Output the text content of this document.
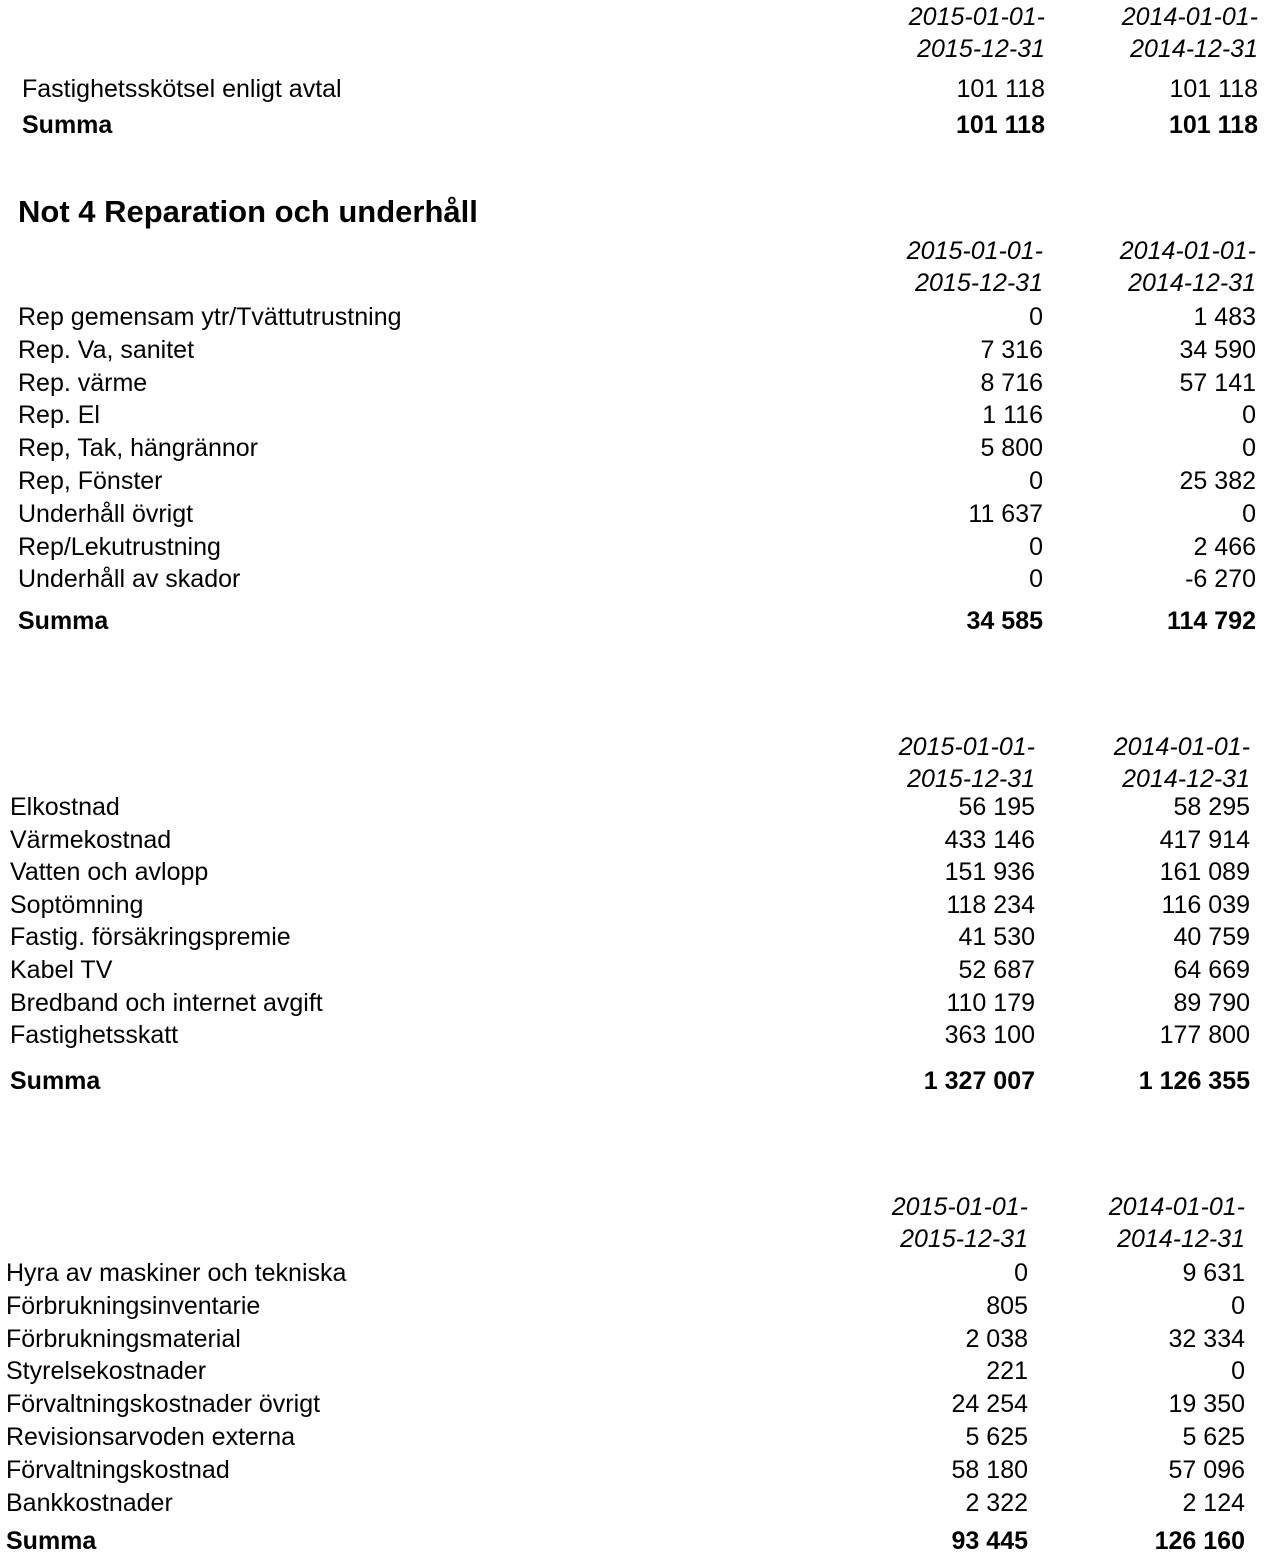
2015-01-01-
2015-12-31
2014-01-01-
2014-12-31
Fastighetsskötsel enligt avtal	101 118	101 118
Summa	101 118	101 118
Not 4 Reparation och underhåll
2015-01-01-
2015-12-31
2014-01-01-
2014-12-31
Rep gemensam ytr/Tvättutrustning	0	1 483
Rep. Va, sanitet	7 316	34 590
Rep. värme	8 716	57 141
Rep. El	1 116	0
Rep, Tak, hängrännor	5 800	0
Rep, Fönster	0	25 382
Underhåll övrigt	11 637	0
Rep/Lekutrustning	0	2 466
Underhåll av skador	0	-6 270
Summa	34 585	114 792
2015-01-01-
2015-12-31
2014-01-01-
2014-12-31
Elkostnad	56 195	58 295
Värmekostnad	433 146	417 914
Vatten och avlopp	151 936	161 089
Soptömning	118 234	116 039
Fastig. försäkringspremie	41 530	40 759
Kabel TV	52 687	64 669
Bredband och internet avgift	110 179	89 790
Fastighetsskatt	363 100	177 800
Summa	1 327 007	1 126 355
2015-01-01-
2015-12-31
2014-01-01-
2014-12-31
Hyra av maskiner och tekniska	0	9 631
Förbrukningsinventarie	805	0
Förbrukningsmaterial	2 038	32 334
Styrelsekostnader	221	0
Förvaltningskostnader övrigt	24 254	19 350
Revisionsarvoden externa	5 625	5 625
Förvaltningskostnad	58 180	57 096
Bankkostnader	2 322	2 124
Summa	93 445	126 160
